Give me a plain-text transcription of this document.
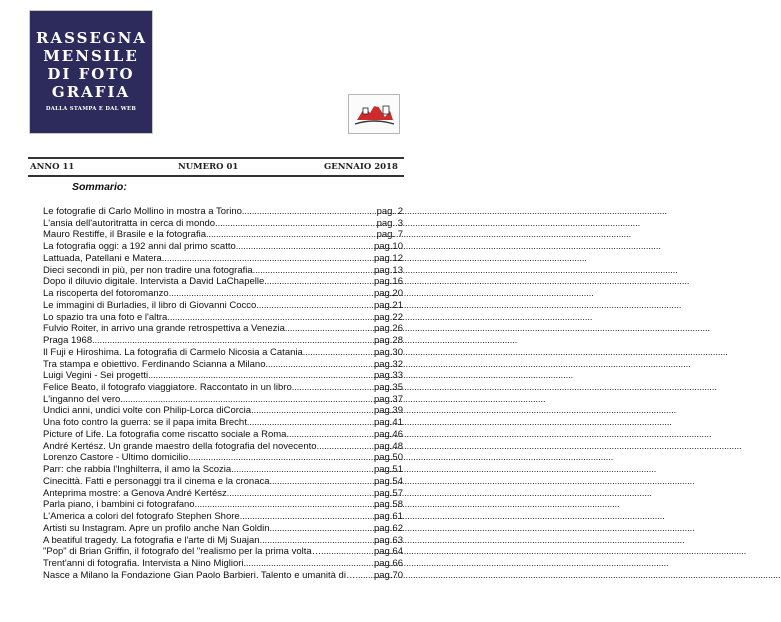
RASSEGNA
MENSILE
DI FOTO
GRAFIA
DALLA STAMPA E DAL WEB
ANNO 11	NUMERO 01	GENNAIO 2018
Sommario:
Le fotografie di Carlo Mollino in mostra a Torino .....	pag. 2
L'ansia dell'autoritratta in cerca di mondo .....	pag. 3
Mauro Restiffe, il Brasile e la fotografia .....	pag. 7
La fotografia oggi: a 192 anni dal primo scatto .....	pag.10
Lattuada, Patellani e Matera .....	pag.12
Dieci secondi in più, per non tradire una fotografia .....	pag.13
Dopo il diluvio digitale. Intervista a David LaChapelle .....	pag.16
La riscoperta del fotoromanzo .....	pag.20
Le immagini di Burladies, il libro di Giovanni Cocco .....	pag.21
Lo spazio tra una foto e l'altra .....	pag.22
Fulvio Roiter, in arrivo una grande retrospettiva a Venezia .....	pag.26
Praga 1968 .....	pag.28
Il Fuji e Hiroshima. La fotografia di Carmelo Nicosia a Catania .....	pag.30
Tra stampa e obiettivo. Ferdinando Scianna a Milano .....	pag.32
Luigi Vegini - Sei progetti .....	pag.33
Felice Beato, il fotografo viaggiatore. Raccontato in un libro .....	pag.35
L'inganno del vero .....	pag.37
Undici anni, undici volte con Philip-Lorca diCorcia .....	pag.39
Una foto contro la guerra: se il papa imita Brecht .....	pag.41
Picture of Life. La fotografia come riscatto sociale a Roma .....	pag.46
André Kertész. Un grande maestro della fotografia del novecento .....	pag.48
Lorenzo Castore - Ultimo domicilio .....	pag.50
Parr: che rabbia l'Inghilterra, il amo la Scozia .....	pag.51
Cinecittà. Fatti e personaggi tra il cinema e la cronaca .....	pag.54
Anteprima mostre: a Genova André Kertész .....	pag.57
Parla piano, i bambini ci fotografano .....	pag.58
L'America a colori del fotografo Stephen Shore .....	pag.61
Artisti su Instagram. Apre un profilo anche Nan Goldin .....	pag.62
A beatiful tragedy. La fotografia e l'arte di Mj Suajan .....	pag.63
"Pop" di Brian Griffin, il fotografo del "realismo per la prima volta… .....	pag.64
Trent'anni di fotografia. Intervista a Nino Migliori .....	pag.66
Nasce a Milano la Fondazione Gian Paolo Barbieri. Talento e umanità di… ..... pag.70
